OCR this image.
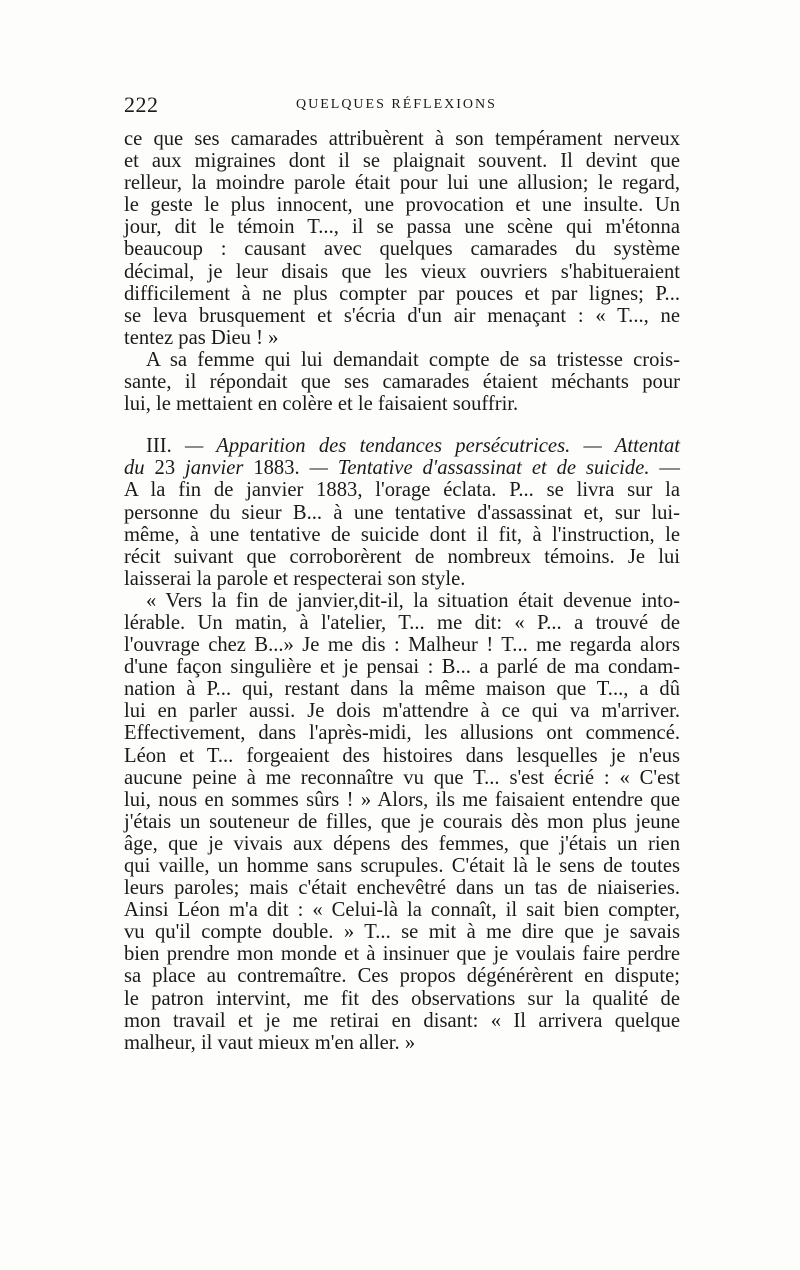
222	QUELQUES RÉFLEXIONS
ce que ses camarades attribuèrent à son tempérament nerveux
et aux migraines dont il se plaignait souvent. Il devint que
relleur, la moindre parole était pour lui une allusion; le regard,
le geste le plus innocent, une provocation et une insulte. Un
jour, dit le témoin T..., il se passa une scène qui m'étonna
beaucoup : causant avec quelques camarades du système
décimal, je leur disais que les vieux ouvriers s'habitueraient
difficilement à ne plus compter par pouces et par lignes; P...
se leva brusquement et s'écria d'un air menaçant : « T..., ne
tentez pas Dieu ! »
A sa femme qui lui demandait compte de sa tristesse crois-
sante, il répondait que ses camarades étaient méchants pour
lui, le mettaient en colère et le faisaient souffrir.
III. — Apparition des tendances persécutrices. — Attentat
du 23 janvier 1883. — Tentative d'assassinat et de suicide. —
A la fin de janvier 1883, l'orage éclata. P... se livra sur la
personne du sieur B... à une tentative d'assassinat et, sur lui-
même, à une tentative de suicide dont il fit, à l'instruction, le
récit suivant que corroborèrent de nombreux témoins. Je lui
laisserai la parole et respecterai son style.
« Vers la fin de janvier,dit-il, la situation était devenue into-
lérable. Un matin, à l'atelier, T... me dit: « P... a trouvé de
l'ouvrage chez B...» Je me dis : Malheur ! T... me regarda alors
d'une façon singulière et je pensai : B... a parlé de ma condam-
nation à P... qui, restant dans la même maison que T..., a dû
lui en parler aussi. Je dois m'attendre à ce qui va m'arriver.
Effectivement, dans l'après-midi, les allusions ont commencé.
Léon et T... forgeaient des histoires dans lesquelles je n'eus
aucune peine à me reconnaître vu que T... s'est écrié : « C'est
lui, nous en sommes sûrs ! » Alors, ils me faisaient entendre que
j'étais un souteneur de filles, que je courais dès mon plus jeune
âge, que je vivais aux dépens des femmes, que j'étais un rien
qui vaille, un homme sans scrupules. C'était là le sens de toutes
leurs paroles; mais c'était enchevêtré dans un tas de niaiseries.
Ainsi Léon m'a dit : « Celui-là la connaît, il sait bien compter,
vu qu'il compte double. » T... se mit à me dire que je savais
bien prendre mon monde et à insinuer que je voulais faire perdre
sa place au contremaître. Ces propos dégénérèrent en dispute;
le patron intervint, me fit des observations sur la qualité de
mon travail et je me retirai en disant: « Il arrivera quelque
malheur, il vaut mieux m'en aller. »
